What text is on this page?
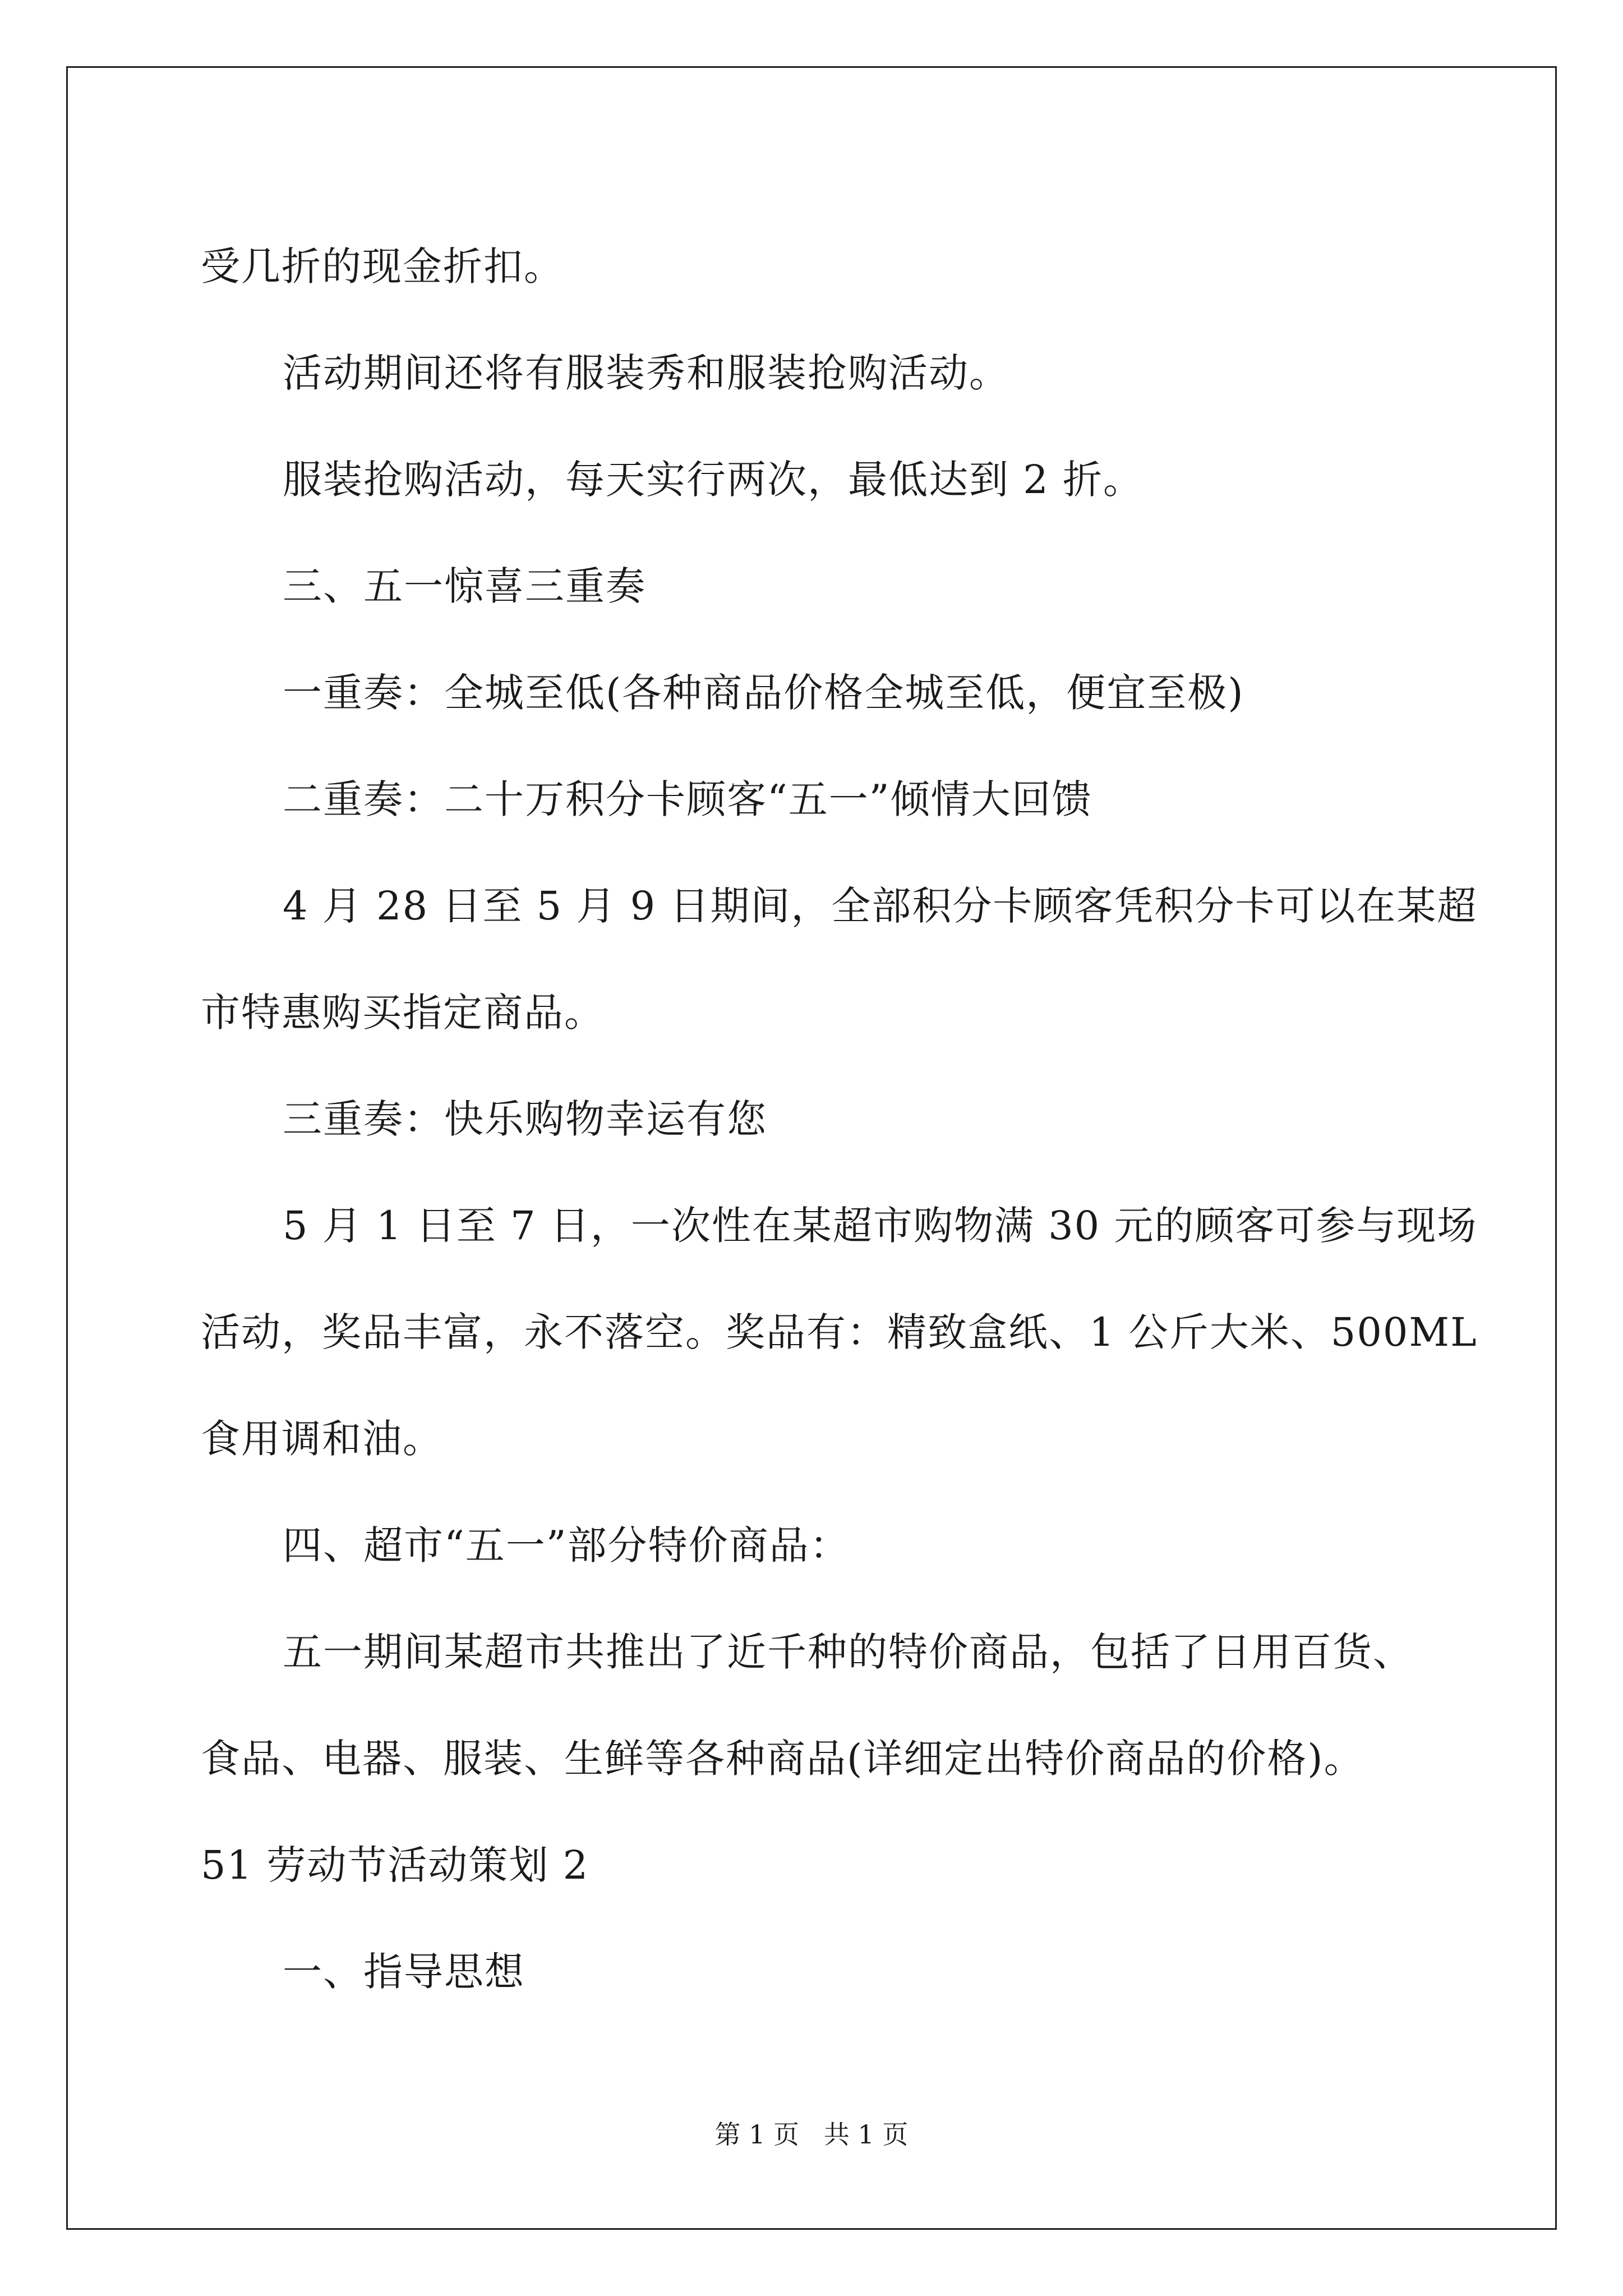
受几折的现金折扣。

活动期间还将有服装秀和服装抢购活动。

服装抢购活动，每天实行两次，最低达到 2 折。

三、五一惊喜三重奏

一重奏：全城至低(各种商品价格全城至低，便宜至极)

二重奏：二十万积分卡顾客“五一”倾情大回馈

4 月 28 日至 5 月 9 日期间，全部积分卡顾客凭积分卡可以在某超

市特惠购买指定商品。

三重奏：快乐购物幸运有您

5 月 1 日至 7 日，一次性在某超市购物满 30 元的顾客可参与现场

活动，奖品丰富，永不落空。奖品有：精致盒纸、1 公斤大米、500ML

食用调和油。

四、超市“五一”部分特价商品：

五一期间某超市共推出了近千种的特价商品，包括了日用百货、

食品、电器、服装、生鲜等各种商品(详细定出特价商品的价格)。

51 劳动节活动策划 2

一、指导思想

第 1 页   共 1 页
